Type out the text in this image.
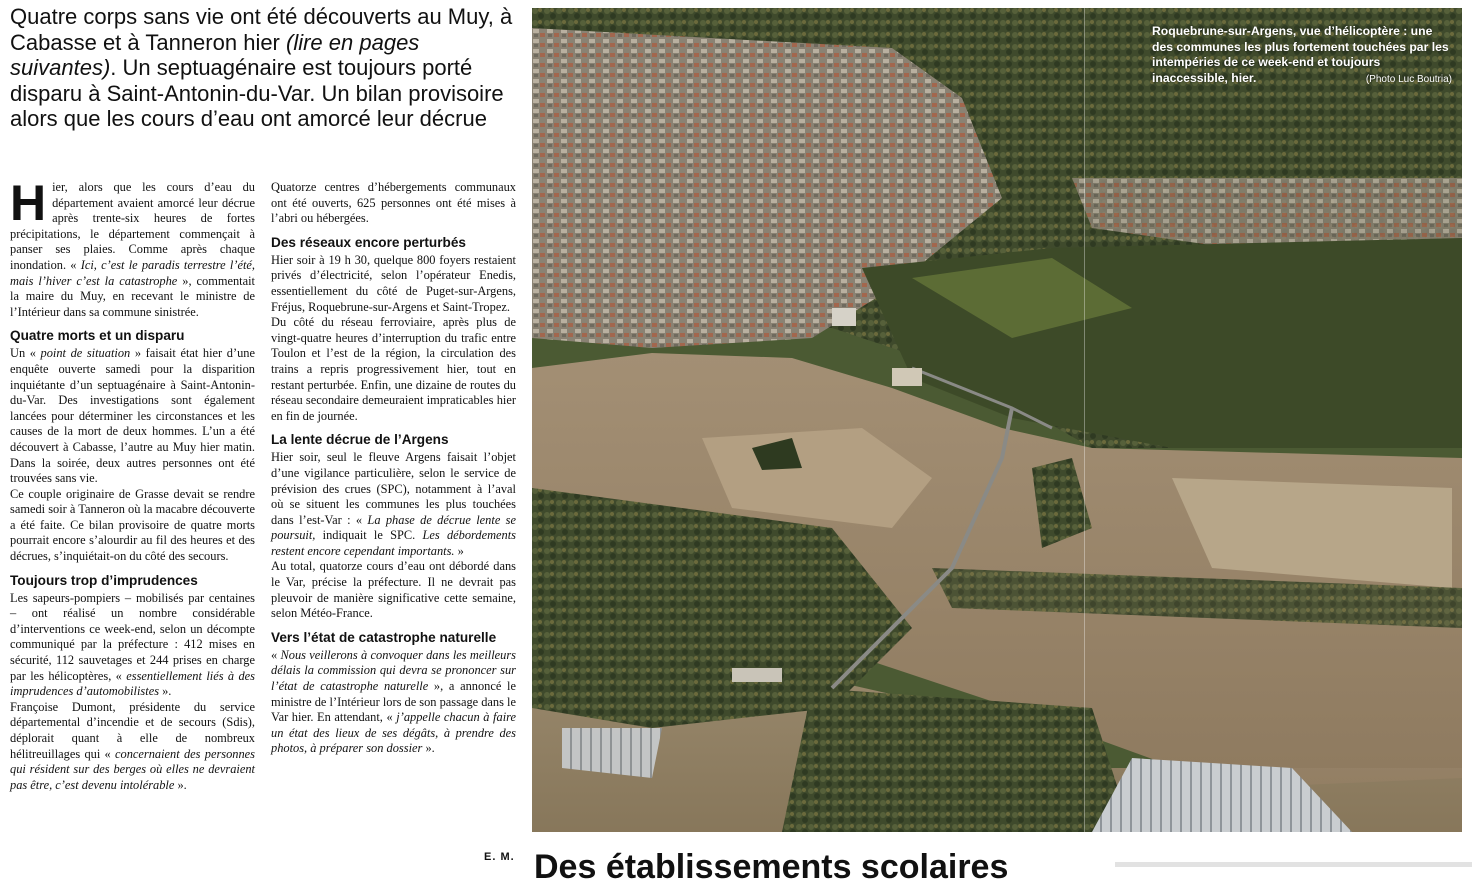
Quatre corps sans vie ont été découverts au Muy, à Cabasse et à Tanneron hier (lire en pages suivantes). Un septuagénaire est toujours porté disparu à Saint-Antonin-du-Var. Un bilan provisoire alors que les cours d’eau ont amorcé leur décrue

Hier, alors que les cours d’eau du département avaient amorcé leur décrue après trente-six heures de fortes précipitations, le département commençait à panser ses plaies. Comme après chaque inondation. « Ici, c’est le paradis terrestre l’été, mais l’hiver c’est la catastrophe », commentait la maire du Muy, en recevant le ministre de l’Intérieur dans sa commune sinistrée.

Quatre morts et un disparu

Un « point de situation » faisait état hier d’une enquête ouverte samedi pour la disparition inquiétante d’un septuagénaire à Saint-Antonin-du-Var. Des investigations sont également lancées pour déterminer les circonstances et les causes de la mort de deux hommes. L’un a été découvert à Cabasse, l’autre au Muy hier matin. Dans la soirée, deux autres personnes ont été trouvées sans vie.

Ce couple originaire de Grasse devait se rendre samedi soir à Tanneron où la macabre découverte a été faite. Ce bilan provisoire de quatre morts pourrait encore s’alourdir au fil des heures et des décrues, s’inquiétait-on du côté des secours.

Toujours trop d’imprudences

Les sapeurs-pompiers – mobilisés par centaines – ont réalisé un nombre considérable d’interventions ce week-end, selon un décompte communiqué par la préfecture : 412 mises en sécurité, 112 sauvetages et 244 prises en charge par les hélicoptères, « essentiellement liés à des imprudences d’automobilistes ».

Françoise Dumont, présidente du service départemental d’incendie et de secours (Sdis), déplorait quant à elle de nombreux hélitreuillages qui « concernaient des personnes qui résident sur des berges où elles ne devraient pas être, c’est devenu intolérable ».

Quatorze centres d’hébergements communaux ont été ouverts, 625 personnes ont été mises à l’abri ou hébergées.

Des réseaux encore perturbés

Hier soir à 19 h 30, quelque 800 foyers restaient privés d’électricité, selon l’opérateur Enedis, essentiellement du côté de Puget-sur-Argens, Fréjus, Roquebrune-sur-Argens et Saint-Tropez.

Du côté du réseau ferroviaire, après plus de vingt-quatre heures d’interruption du trafic entre Toulon et l’est de la région, la circulation des trains a repris progressivement hier, tout en restant perturbée. Enfin, une dizaine de routes du réseau secondaire demeuraient impraticables hier en fin de journée.

La lente décrue de l’Argens

Hier soir, seul le fleuve Argens faisait l’objet d’une vigilance particulière, selon le service de prévision des crues (SPC), notamment à l’aval où se situent les communes les plus touchées dans l’est-Var : « La phase de décrue lente se poursuit, indiquait le SPC. Les débordements restent encore cependant importants. »

Au total, quatorze cours d’eau ont débordé dans le Var, précise la préfecture. Il ne devrait pas pleuvoir de manière significative cette semaine, selon Météo-France.

Vers l’état de catastrophe naturelle

« Nous veillerons à convoquer dans les meilleurs délais la commission qui devra se prononcer sur l’état de catastrophe naturelle », a annoncé le ministre de l’Intérieur lors de son passage dans le Var hier. En attendant, « j’appelle chacun à faire un état des lieux de ses dégâts, à prendre des photos, à préparer son dossier ».

E. M.
Roquebrune-sur-Argens, vue d’hélicoptère : une des communes les plus fortement touchées par les intempéries de ce week-end et toujours inaccessible, hier.	(Photo Luc Boutria)
Des établissements scolaires
